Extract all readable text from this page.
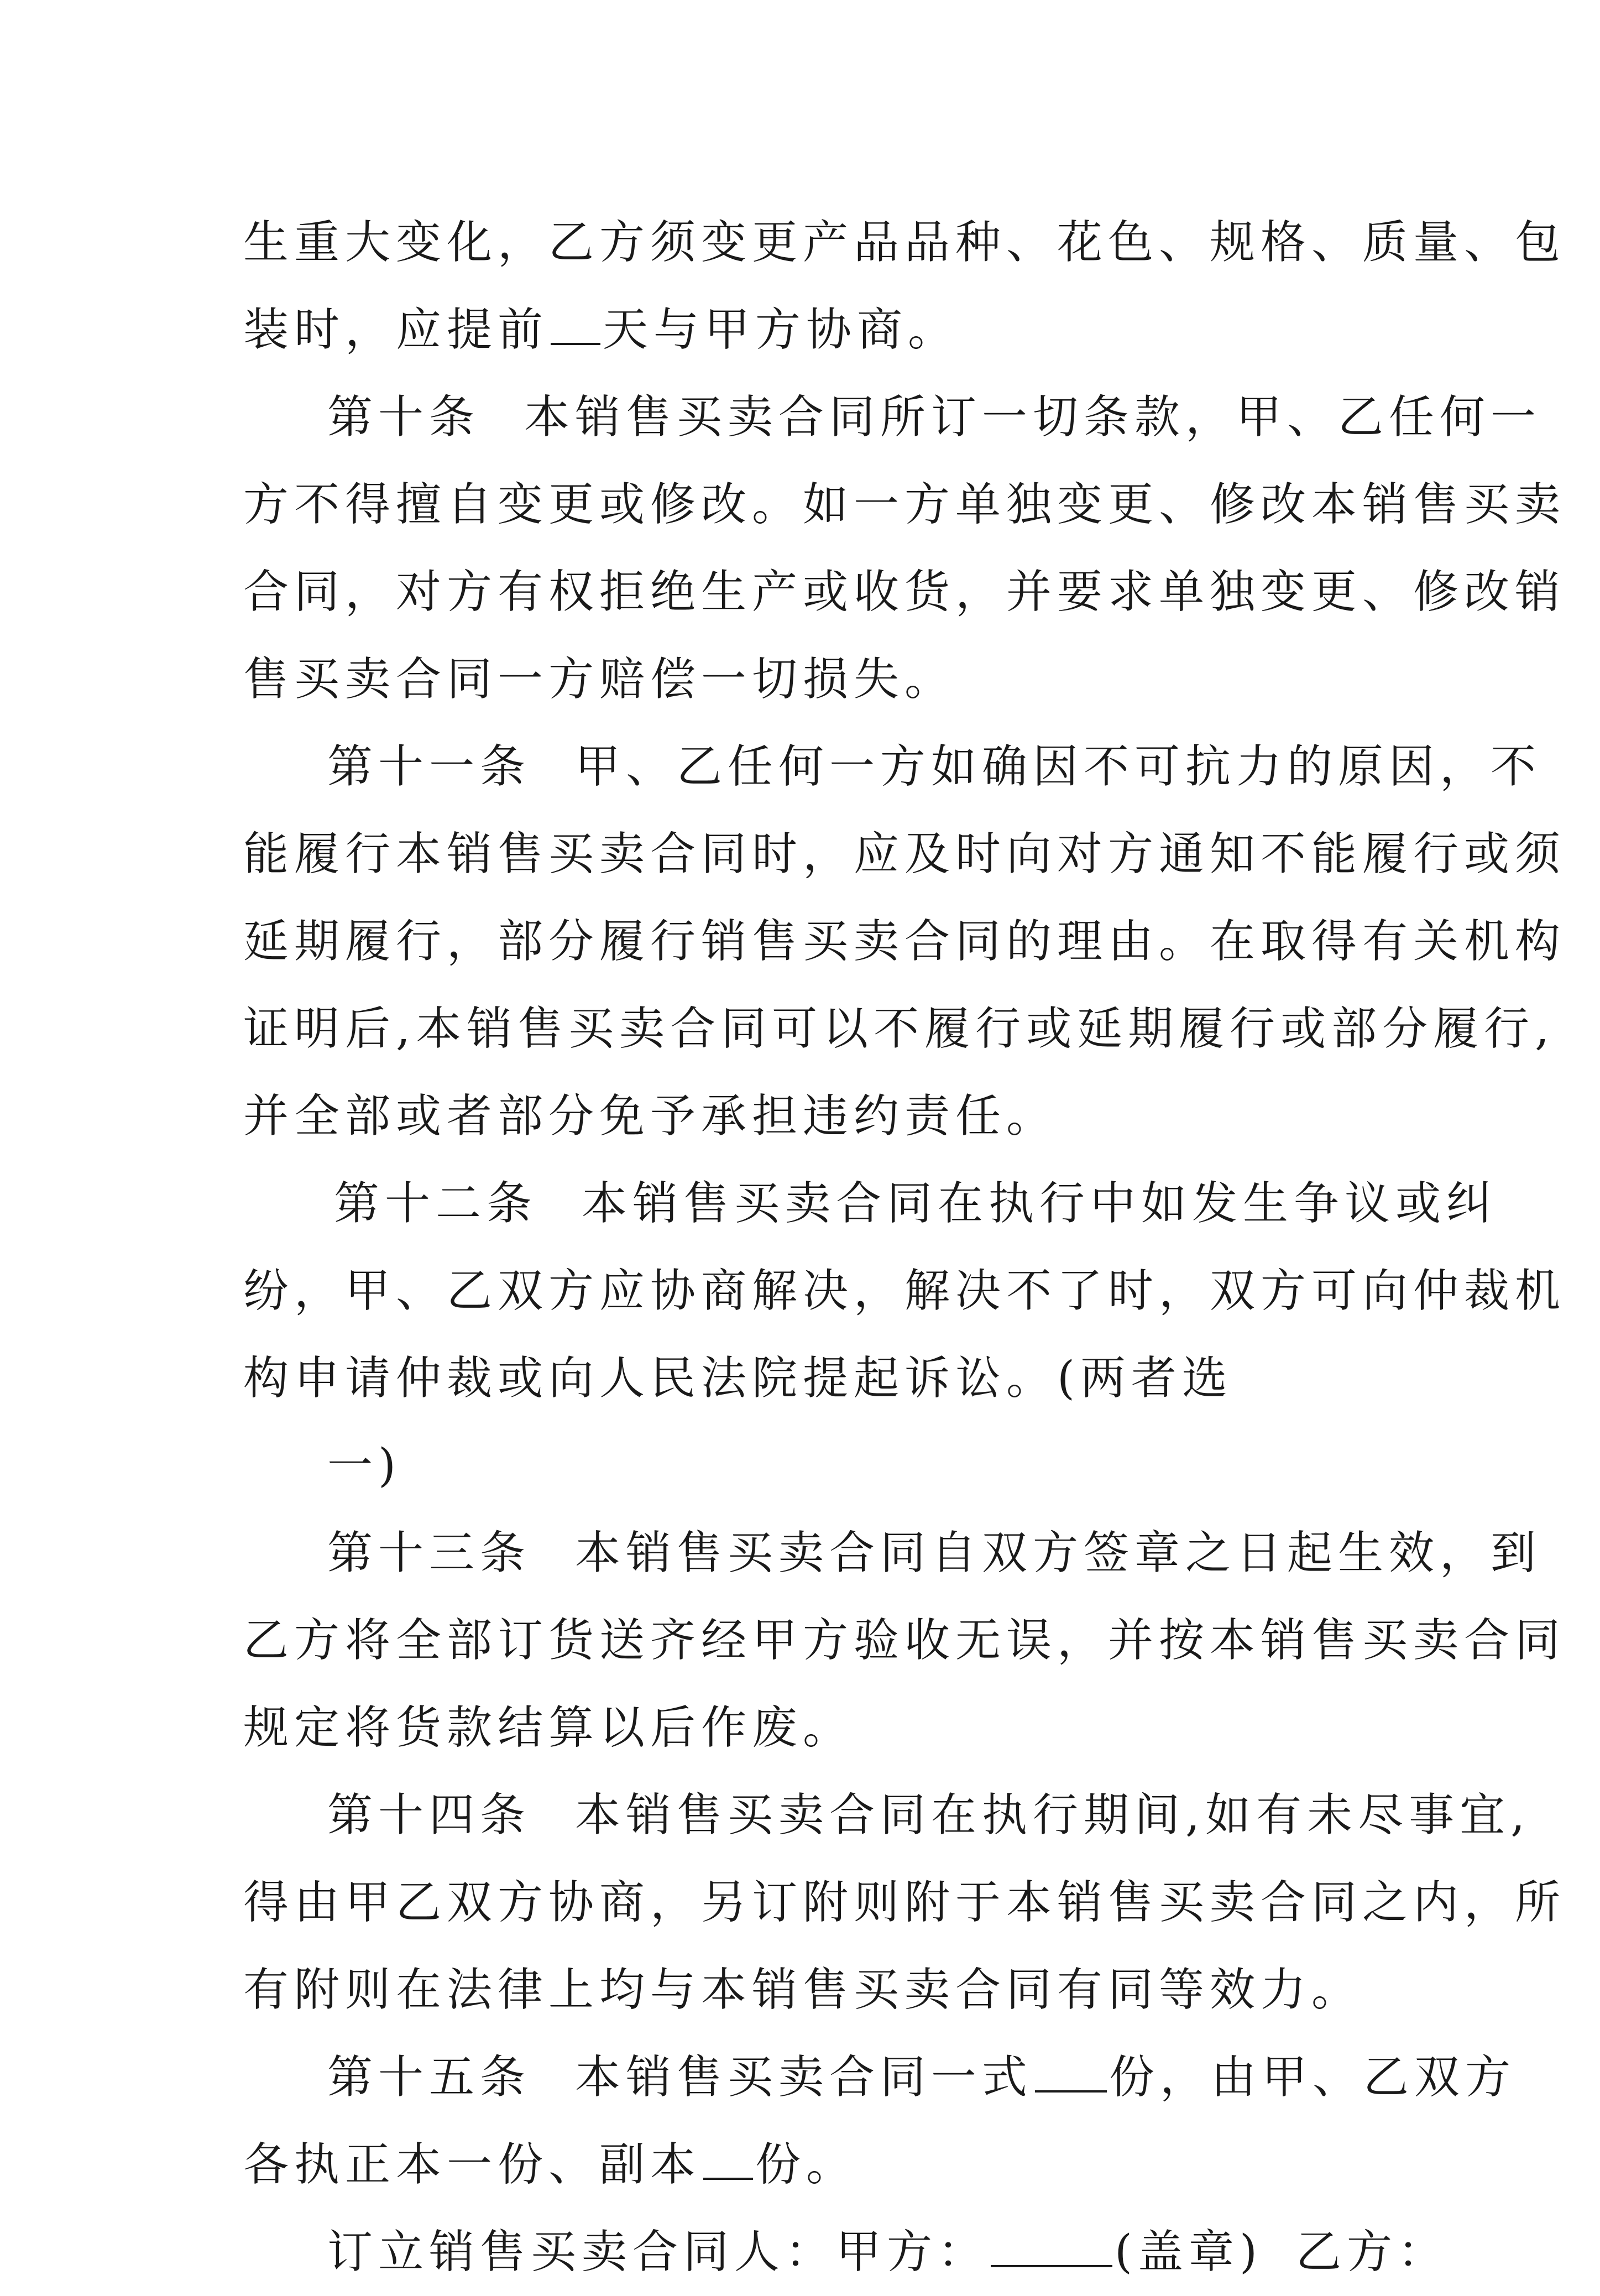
生重大变化，乙方须变更产品品种、花色、规格、质量、包
装时，应提前 天与甲方协商。
第十条 本销售买卖合同所订一切条款，甲、乙任何一
方不得擅自变更或修改。如一方单独变更、修改本销售买卖
合同，对方有权拒绝生产或收货，并要求单独变更、修改销
售买卖合同一方赔偿一切损失。
第十一条 甲、乙任何一方如确因不可抗力的原因，不
能履行本销售买卖合同时，应及时向对方通知不能履行或须
延期履行，部分履行销售买卖合同的理由。在取得有关机构
证明后,本销售买卖合同可以不履行或延期履行或部分履行,
并全部或者部分免予承担违约责任。
第十二条 本销售买卖合同在执行中如发生争议或纠
纷，甲、乙双方应协商解决，解决不了时，双方可向仲裁机
构申请仲裁或向人民法院提起诉讼。(两者选
一)
第十三条 本销售买卖合同自双方签章之日起生效，到
乙方将全部订货送齐经甲方验收无误，并按本销售买卖合同
规定将货款结算以后作废。
第十四条 本销售买卖合同在执行期间,如有未尽事宜,
得由甲乙双方协商，另订附则附于本销售买卖合同之内，所
有附则在法律上均与本销售买卖合同有同等效力。
第十五条 本销售买卖合同一式 份，由甲、乙双方
各执正本一份、副本 份。
订立销售买卖合同人：甲方：	(盖章) 乙方：
